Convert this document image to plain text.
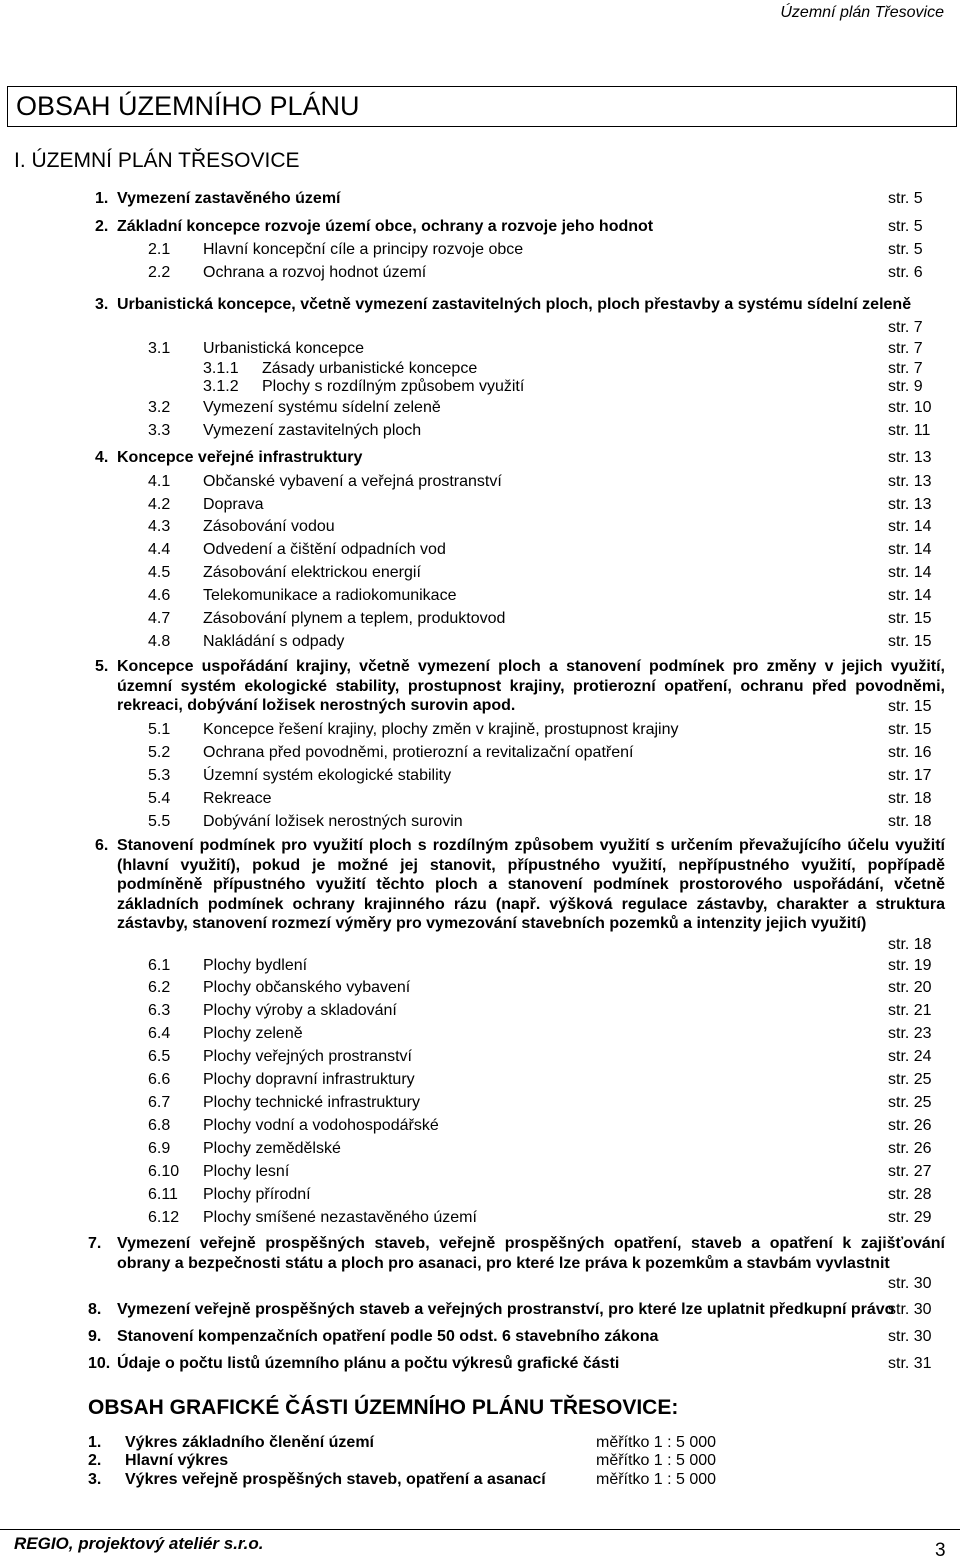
Územní plán Třesovice
OBSAH ÚZEMNÍHO PLÁNU
I. ÚZEMNÍ PLÁN TŘESOVICE
1. Vymezení zastavěného území	str. 5
2. Základní koncepce rozvoje území obce, ochrany a rozvoje jeho hodnot	str. 5
2.1 Hlavní koncepční cíle a principy rozvoje obce	str. 5
2.2 Ochrana a rozvoj hodnot území	str. 6
3. Urbanistická koncepce, včetně vymezení zastavitelných ploch, ploch přestavby a systému sídelní zeleně
str. 7
3.1 Urbanistická koncepce	str. 7
3.1.1 Zásady urbanistické koncepce	str. 7
3.1.2 Plochy s rozdílným způsobem využití	str. 9
3.2 Vymezení systému sídelní zeleně	str. 10
3.3 Vymezení zastavitelných ploch	str. 11
4. Koncepce veřejné infrastruktury	str. 13
4.1 Občanské vybavení a veřejná prostranství	str. 13
4.2 Doprava	str. 13
4.3 Zásobování vodou	str. 14
4.4 Odvedení a čištění odpadních vod	str. 14
4.5 Zásobování elektrickou energií	str. 14
4.6 Telekomunikace a radiokomunikace	str. 14
4.7 Zásobování plynem a teplem, produktovod	str. 15
4.8 Nakládání s odpady	str. 15
5. Koncepce uspořádání krajiny, včetně vymezení ploch a stanovení podmínek pro změny v jejich využití, územní systém ekologické stability, prostupnost krajiny, protierozní opatření, ochranu před povodněmi, rekreaci, dobývání ložisek nerostných surovin apod.	str. 15
5.1 Koncepce řešení krajiny, plochy změn v krajině, prostupnost krajiny	str. 15
5.2 Ochrana před povodněmi, protierozní a revitalizační opatření	str. 16
5.3 Územní systém ekologické stability	str. 17
5.4 Rekreace	str. 18
5.5 Dobývání ložisek nerostných surovin	str. 18
6. Stanovení podmínek pro využití ploch s rozdílným způsobem využití s určením převažujícího účelu využití (hlavní využití), pokud je možné jej stanovit, přípustného využití, nepřípustného využití, popřípadě podmíněně přípustného využití těchto ploch a stanovení podmínek prostorového uspořádání, včetně základních podmínek ochrany krajinného rázu (např. výšková regulace zástavby, charakter a struktura zástavby, stanovení rozmezí výměry pro vymezování stavebních pozemků a intenzity jejich využití)
str. 18
6.1 Plochy bydlení	str. 19
6.2 Plochy občanského vybavení	str. 20
6.3 Plochy výroby a skladování	str. 21
6.4 Plochy zeleně	str. 23
6.5 Plochy veřejných prostranství	str. 24
6.6 Plochy dopravní infrastruktury	str. 25
6.7 Plochy technické infrastruktury	str. 25
6.8 Plochy vodní a vodohospodářské	str. 26
6.9 Plochy zemědělské	str. 26
6.10 Plochy lesní	str. 27
6.11 Plochy přírodní	str. 28
6.12 Plochy smíšené nezastavěného území	str. 29
7. Vymezení veřejně prospěšných staveb, veřejně prospěšných opatření, staveb a opatření k zajišťování obrany a bezpečnosti státu a ploch pro asanaci, pro které lze práva k pozemkům a stavbám vyvlastnit
str. 30
8. Vymezení veřejně prospěšných staveb a veřejných prostranství, pro které lze uplatnit předkupní právo
str. 30
9. Stanovení kompenzačních opatření podle 50 odst. 6 stavebního zákona	str. 30
10. Údaje o počtu listů územního plánu a počtu výkresů grafické části	str. 31
OBSAH GRAFICKÉ ČÁSTI ÚZEMNÍHO PLÁNU TŘESOVICE:
1. Výkres základního členění území	měřítko 1 : 5 000
2. Hlavní výkres	měřítko 1 : 5 000
3. Výkres veřejně prospěšných staveb, opatření a asanací	měřítko 1 : 5 000
REGIO, projektový ateliér s.r.o.	3
